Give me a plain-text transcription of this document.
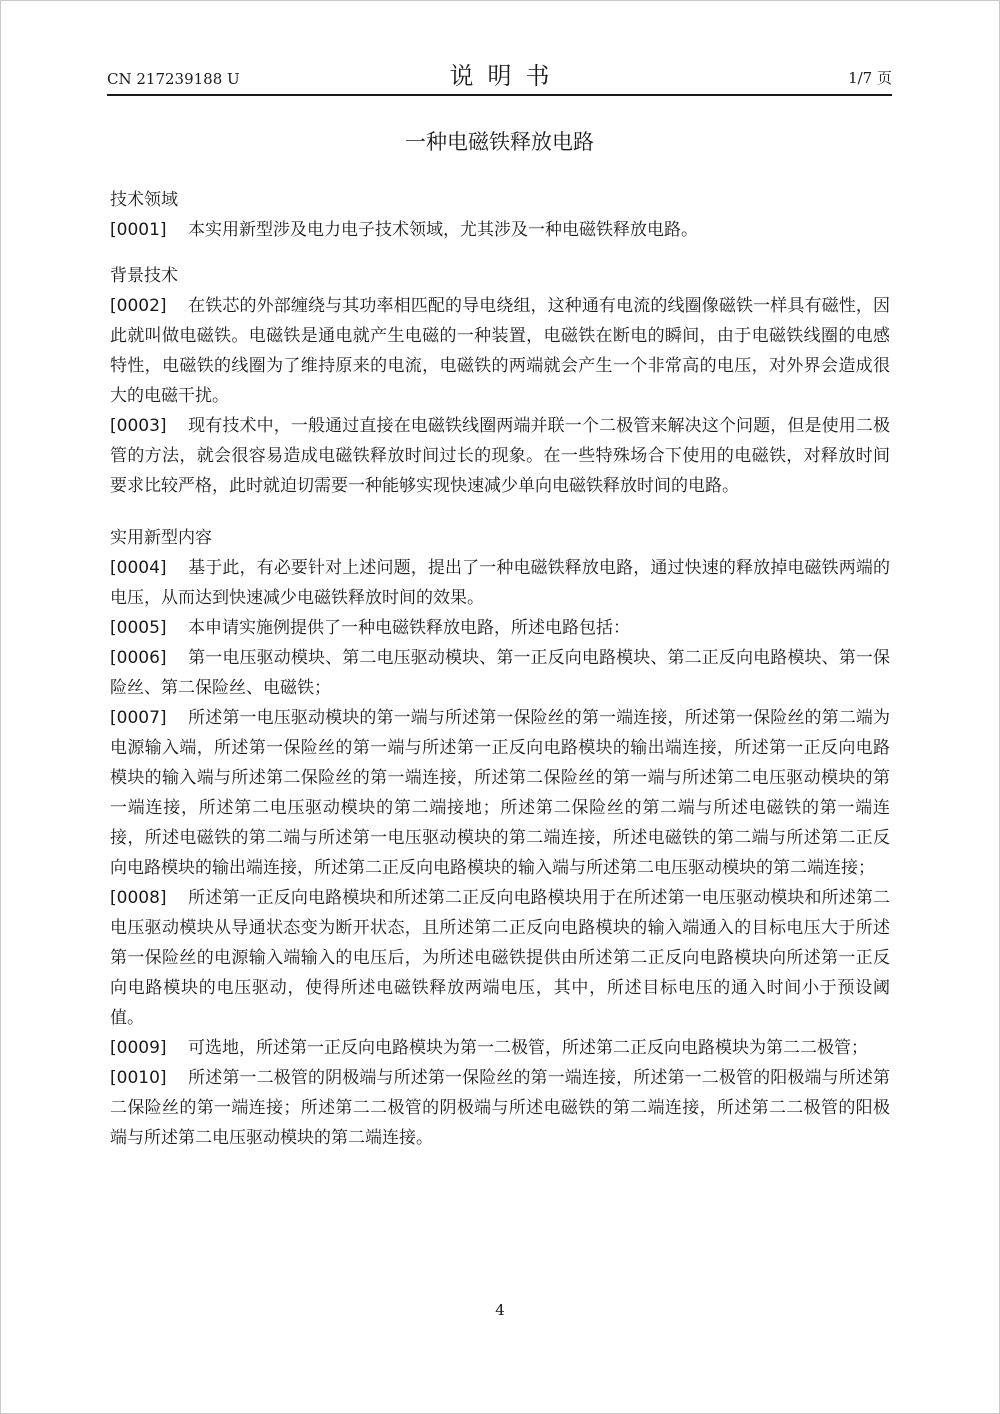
CN 217239188 U	说明书	1/7 页
一种电磁铁释放电路
技术领域
[0001] 本实用新型涉及电力电子技术领域，尤其涉及一种电磁铁释放电路。
背景技术
[0002] 在铁芯的外部缠绕与其功率相匹配的导电绕组，这种通有电流的线圈像磁铁一样具有磁性，因此就叫做电磁铁。电磁铁是通电就产生电磁的一种装置，电磁铁在断电的瞬间，由于电磁铁线圈的电感特性，电磁铁的线圈为了维持原来的电流，电磁铁的两端就会产生一个非常高的电压，对外界会造成很大的电磁干扰。
[0003] 现有技术中，一般通过直接在电磁铁线圈两端并联一个二极管来解决这个问题，但是使用二极管的方法，就会很容易造成电磁铁释放时间过长的现象。在一些特殊场合下使用的电磁铁，对释放时间要求比较严格，此时就迫切需要一种能够实现快速减少单向电磁铁释放时间的电路。
实用新型内容
[0004] 基于此，有必要针对上述问题，提出了一种电磁铁释放电路，通过快速的释放掉电磁铁两端的电压，从而达到快速减少电磁铁释放时间的效果。
[0005] 本申请实施例提供了一种电磁铁释放电路，所述电路包括：
[0006] 第一电压驱动模块、第二电压驱动模块、第一正反向电路模块、第二正反向电路模块、第一保险丝、第二保险丝、电磁铁；
[0007] 所述第一电压驱动模块的第一端与所述第一保险丝的第一端连接，所述第一保险丝的第二端为电源输入端，所述第一保险丝的第一端与所述第一正反向电路模块的输出端连接，所述第一正反向电路模块的输入端与所述第二保险丝的第一端连接，所述第二保险丝的第一端与所述第二电压驱动模块的第一端连接，所述第二电压驱动模块的第二端接地；所述第二保险丝的第二端与所述电磁铁的第一端连接，所述电磁铁的第二端与所述第一电压驱动模块的第二端连接，所述电磁铁的第二端与所述第二正反向电路模块的输出端连接，所述第二正反向电路模块的输入端与所述第二电压驱动模块的第二端连接；
[0008] 所述第一正反向电路模块和所述第二正反向电路模块用于在所述第一电压驱动模块和所述第二电压驱动模块从导通状态变为断开状态，且所述第二正反向电路模块的输入端通入的目标电压大于所述第一保险丝的电源输入端输入的电压后，为所述电磁铁提供由所述第二正反向电路模块向所述第一正反向电路模块的电压驱动，使得所述电磁铁释放两端电压，其中，所述目标电压的通入时间小于预设阈值。
[0009] 可选地，所述第一正反向电路模块为第一二极管，所述第二正反向电路模块为第二二极管；
[0010] 所述第一二极管的阴极端与所述第一保险丝的第一端连接，所述第一二极管的阳极端与所述第二保险丝的第一端连接；所述第二二极管的阴极端与所述电磁铁的第二端连接，所述第二二极管的阳极端与所述第二电压驱动模块的第二端连接。
4
